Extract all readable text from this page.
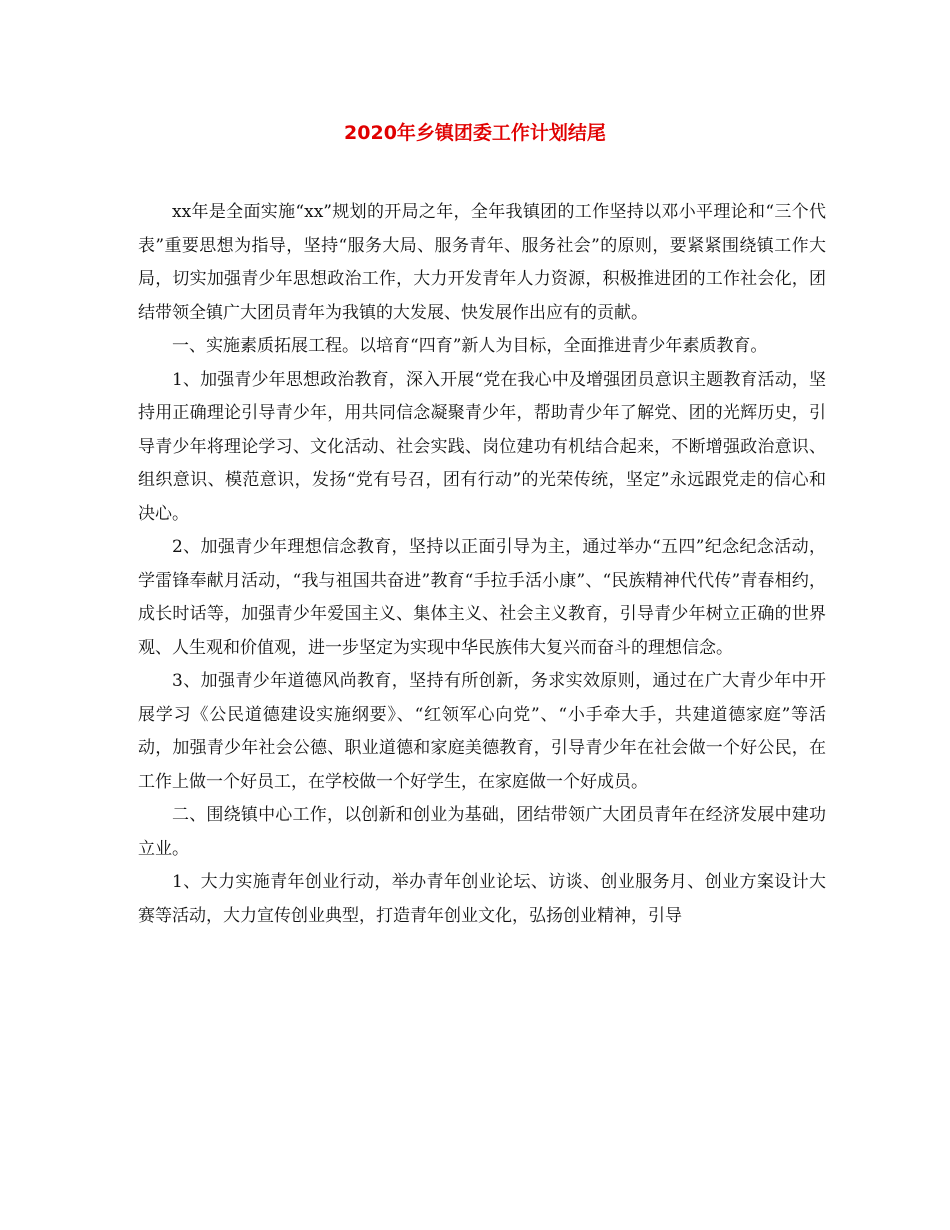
2020年乡镇团委工作计划结尾

xx年是全面实施“xx”规划的开局之年，全年我镇团的工作坚持以邓小平理论和“三个代表”重要思想为指导，坚持“服务大局、服务青年、服务社会”的原则，要紧紧围绕镇工作大局，切实加强青少年思想政治工作，大力开发青年人力资源，积极推进团的工作社会化，团结带领全镇广大团员青年为我镇的大发展、快发展作出应有的贡献。

一、实施素质拓展工程。以培育“四育”新人为目标，全面推进青少年素质教育。

1、加强青少年思想政治教育，深入开展“党在我心中及增强团员意识主题教育活动，坚持用正确理论引导青少年，用共同信念凝聚青少年，帮助青少年了解党、团的光辉历史，引导青少年将理论学习、文化活动、社会实践、岗位建功有机结合起来，不断增强政治意识、组织意识、模范意识，发扬“党有号召，团有行动”的光荣传统，坚定”永远跟党走的信心和决心。

2、加强青少年理想信念教育，坚持以正面引导为主，通过举办“五四”纪念纪念活动，学雷锋奉献月活动，“我与祖国共奋进”教育“手拉手活小康”、“民族精神代代传”青春相约，成长时话等，加强青少年爱国主义、集体主义、社会主义教育，引导青少年树立正确的世界观、人生观和价值观，进一步坚定为实现中华民族伟大复兴而奋斗的理想信念。

3、加强青少年道德风尚教育，坚持有所创新，务求实效原则，通过在广大青少年中开展学习《公民道德建设实施纲要》、“红领军心向党”、“小手牵大手，共建道德家庭”等活动，加强青少年社会公德、职业道德和家庭美德教育，引导青少年在社会做一个好公民，在工作上做一个好员工，在学校做一个好学生，在家庭做一个好成员。

二、围绕镇中心工作，以创新和创业为基础，团结带领广大团员青年在经济发展中建功立业。

1、大力实施青年创业行动，举办青年创业论坛、访谈、创业服务月、创业方案设计大赛等活动，大力宣传创业典型，打造青年创业文化，弘扬创业精神，引导
